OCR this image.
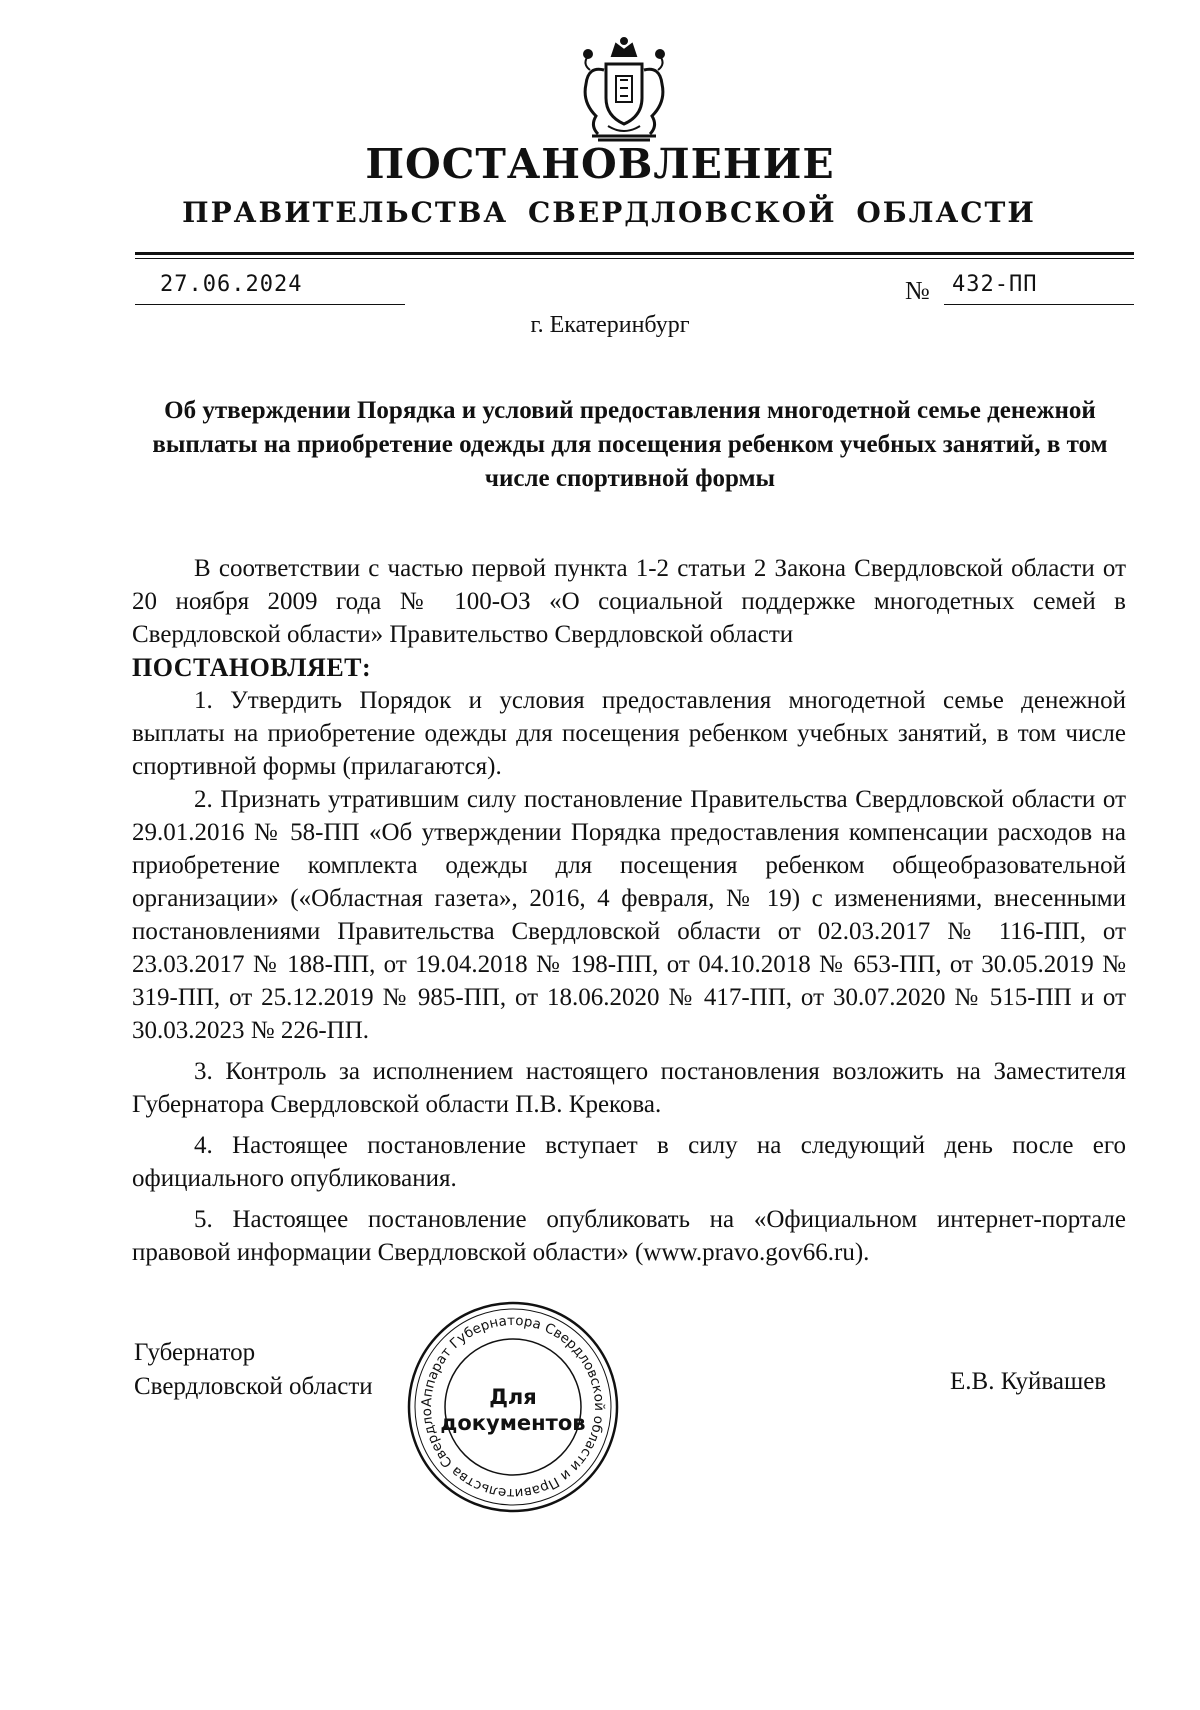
ПОСТАНОВЛЕНИЕ
ПРАВИТЕЛЬСТВА СВЕРДЛОВСКОЙ ОБЛАСТИ
27.06.2024	№ 432-ПП
г. Екатеринбург
Об утверждении Порядка и условий предоставления многодетной семье денежной выплаты на приобретение одежды для посещения ребенком учебных занятий, в том числе спортивной формы

В соответствии с частью первой пункта 1-2 статьи 2 Закона Свердловской области от 20 ноября 2009 года № 100-ОЗ «О социальной поддержке многодетных семей в Свердловской области» Правительство Свердловской области

ПОСТАНОВЛЯЕТ:

1. Утвердить Порядок и условия предоставления многодетной семье денежной выплаты на приобретение одежды для посещения ребенком учебных занятий, в том числе спортивной формы (прилагаются).

2. Признать утратившим силу постановление Правительства Свердловской области от 29.01.2016 № 58-ПП «Об утверждении Порядка предоставления компенсации расходов на приобретение комплекта одежды для посещения ребенком общеобразовательной организации» («Областная газета», 2016, 4 февраля, № 19) с изменениями, внесенными постановлениями Правительства Свердловской области от 02.03.2017 № 116-ПП, от 23.03.2017 № 188-ПП, от 19.04.2018 № 198-ПП, от 04.10.2018 № 653-ПП, от 30.05.2019 № 319-ПП, от 25.12.2019 № 985-ПП, от 18.06.2020 № 417-ПП, от 30.07.2020 № 515-ПП и от 30.03.2023 № 226-ПП.

3. Контроль за исполнением настоящего постановления возложить на Заместителя Губернатора Свердловской области П.В. Крекова.

4. Настоящее постановление вступает в силу на следующий день после его официального опубликования.

5. Настоящее постановление опубликовать на «Официальном интернет-портале правовой информации Свердловской области» (www.pravo.gov66.ru).

Губернатор
Свердловской области	Е.В. Куйвашев
Аппарат Губернатора Свердловской области и Правительства Свердло
Для
документов
